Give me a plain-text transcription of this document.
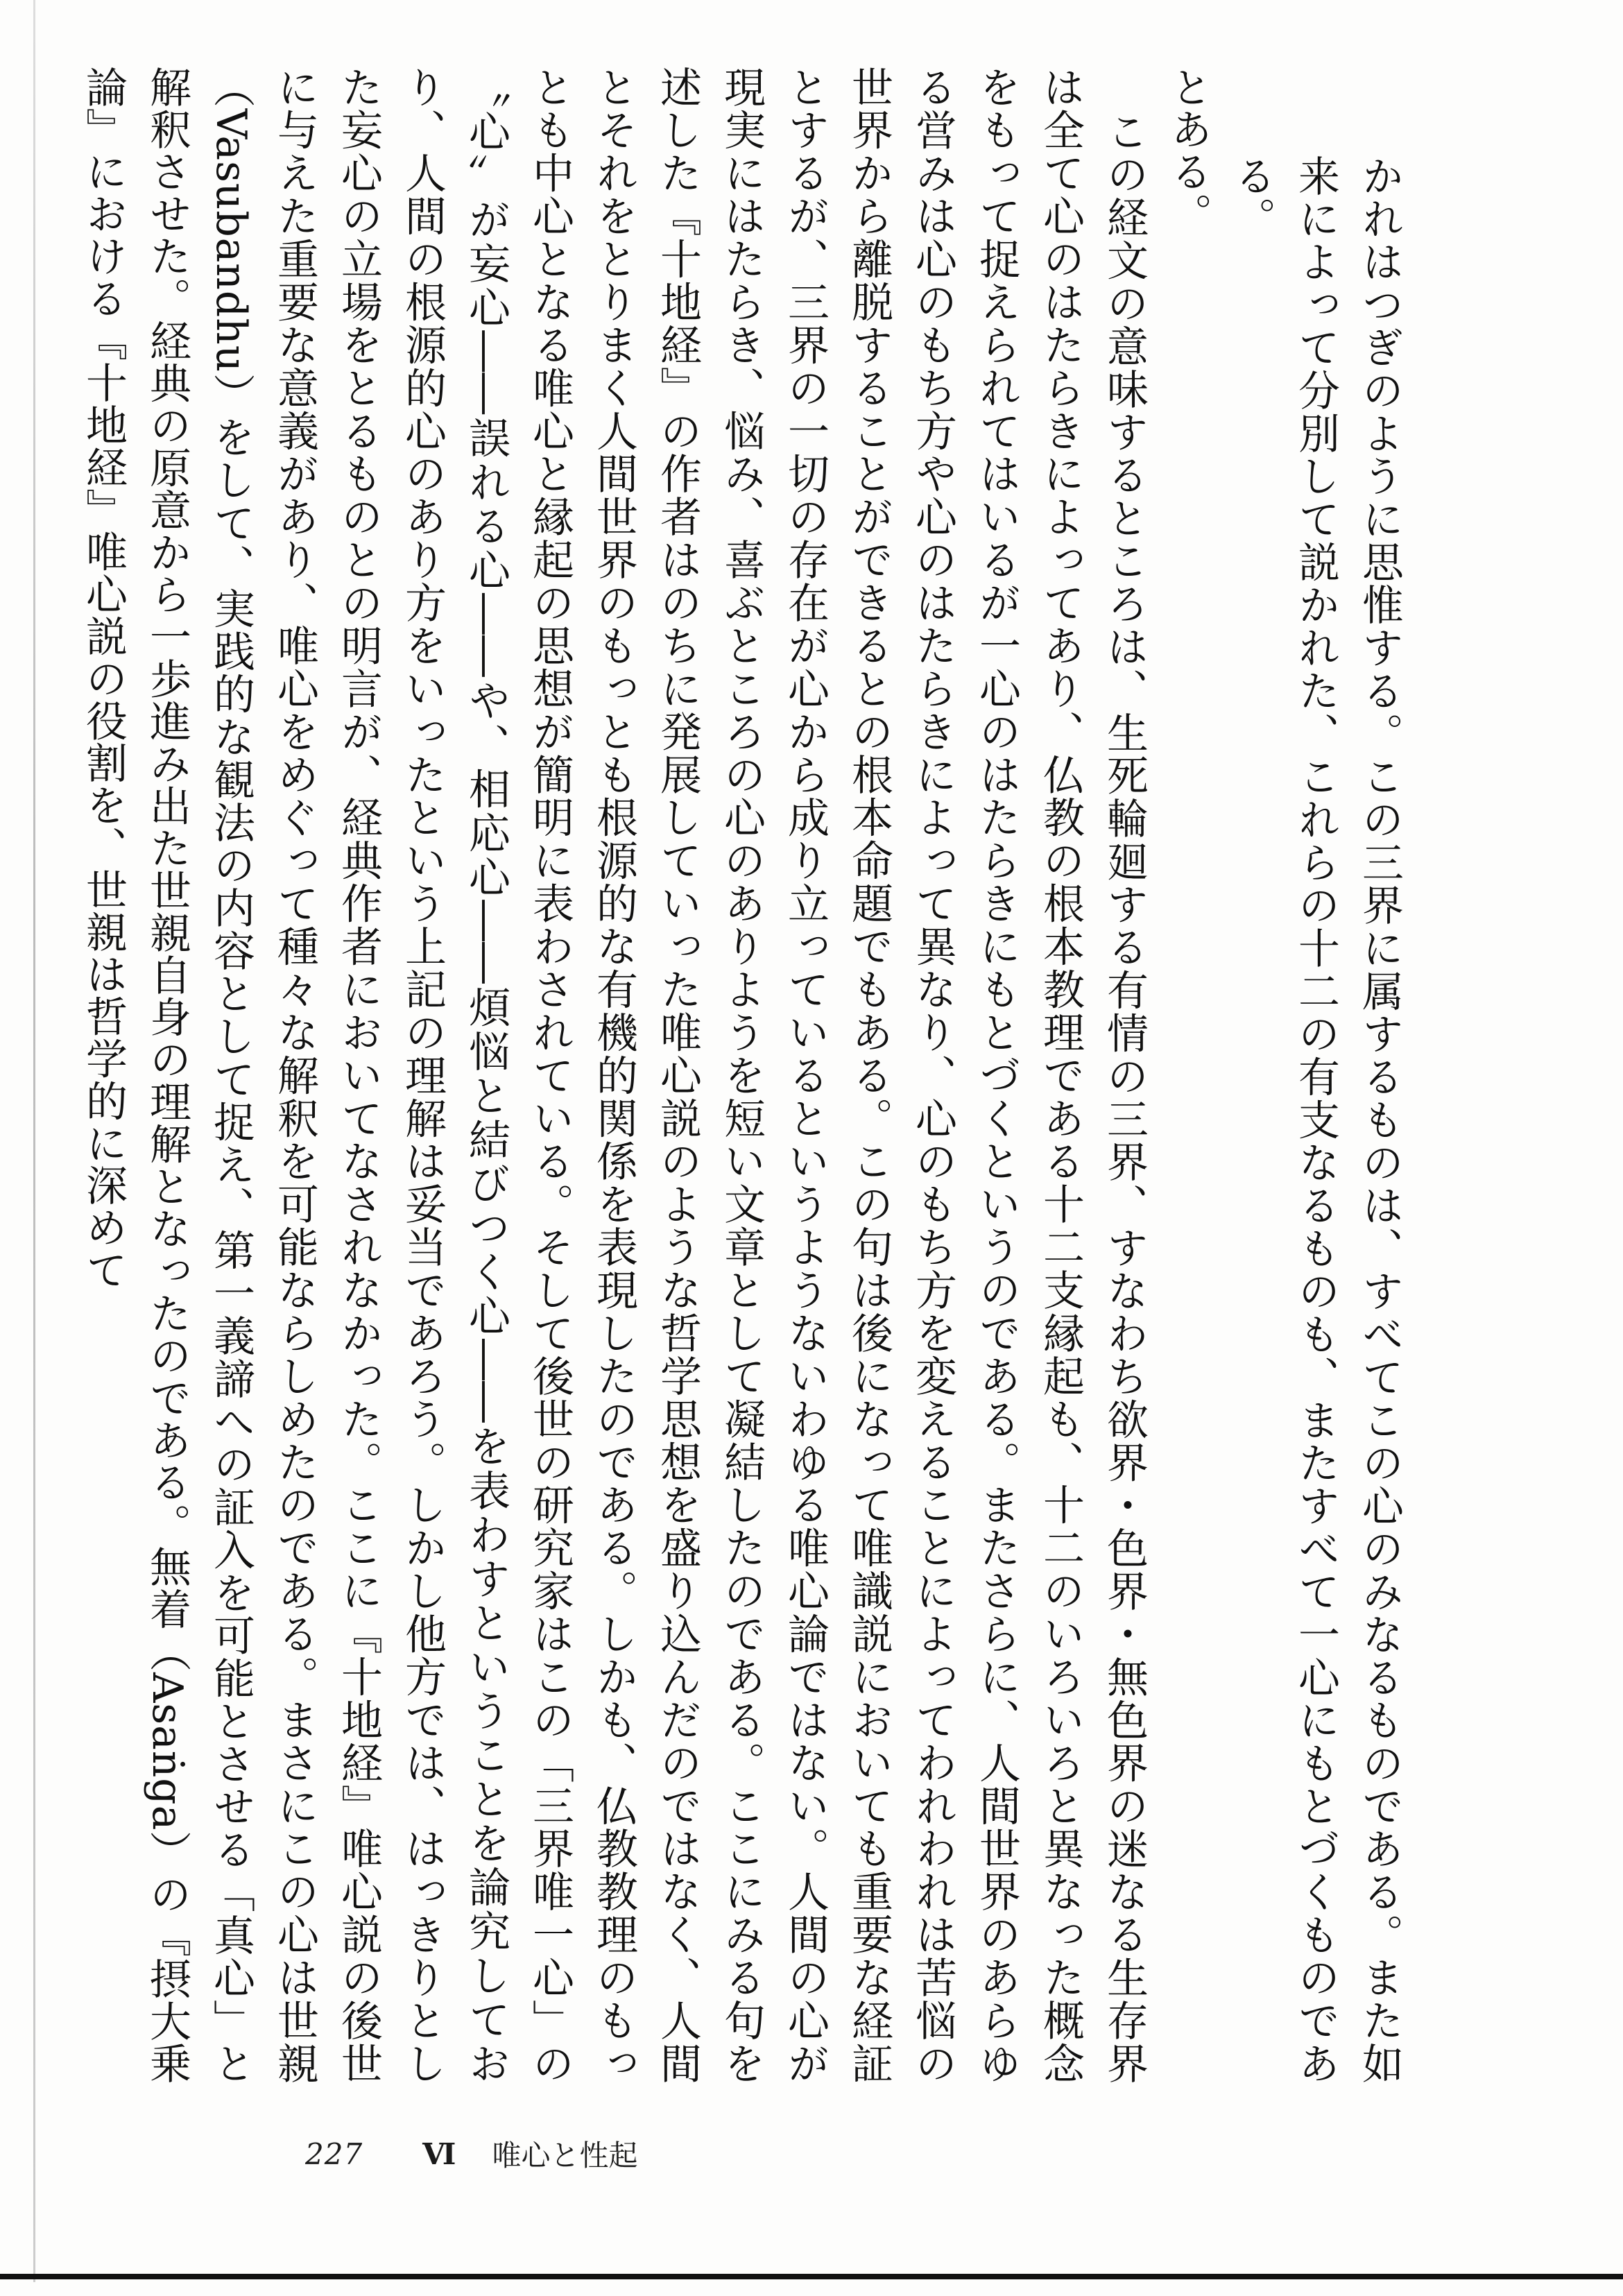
かれはつぎのように思惟する。この三界に属するものは、すべてこの心のみなるものである。また如来によって分別して説かれた、これらの十二の有支なるものも、またすべて一心にもとづくものである。

とある。

この経文の意味するところは、生死輪廻する有情の三界、すなわち欲界・色界・無色界の迷なる生存界は全て心のはたらきによってあり、仏教の根本教理である十二支縁起も、十二のいろいろと異なった概念をもって捉えられてはいるが一心のはたらきにもとづくというのである。またさらに、人間世界のあらゆる営みは心のもち方や心のはたらきによって異なり、心のもち方を変えることによってわれわれは苦悩の世界から離脱することができるとの根本命題でもある。この句は後になって唯識説においても重要な経証とするが、三界の一切の存在が心から成り立っているというようないわゆる唯心論ではない。人間の心が現実にはたらき、悩み、喜ぶところの心のありようを短い文章として凝結したのである。ここにみる句を述した『十地経』の作者はのちに発展していった唯心説のような哲学思想を盛り込んだのではなく、人間とそれをとりまく人間世界のもっとも根源的な有機的関係を表現したのである。しかも、仏教教理のもっとも中心となる唯心と縁起の思想が簡明に表わされている。そして後世の研究家はこの「三界唯一心」の〝心〟が妄心――誤れる心――や、相応心――煩悩と結びつく心――を表わすということを論究しており、人間の根源的心のあり方をいったという上記の理解は妥当であろう。しかし他方では、はっきりとした妄心の立場をとるものとの明言が、経典作者においてなされなかった。ここに『十地経』唯心説の後世に与えた重要な意義があり、唯心をめぐって種々な解釈を可能ならしめたのである。まさにこの心は世親（Vasubandhu）をして、実践的な観法の内容として捉え、第一義諦への証入を可能とさせる「真心」と解釈させた。経典の原意から一歩進み出た世親自身の理解となったのである。無着（Asaṅga）の『摂大乗論』における『十地経』唯心説の役割を、世親は哲学的に深めて

227 Ⅵ 唯心と性起
